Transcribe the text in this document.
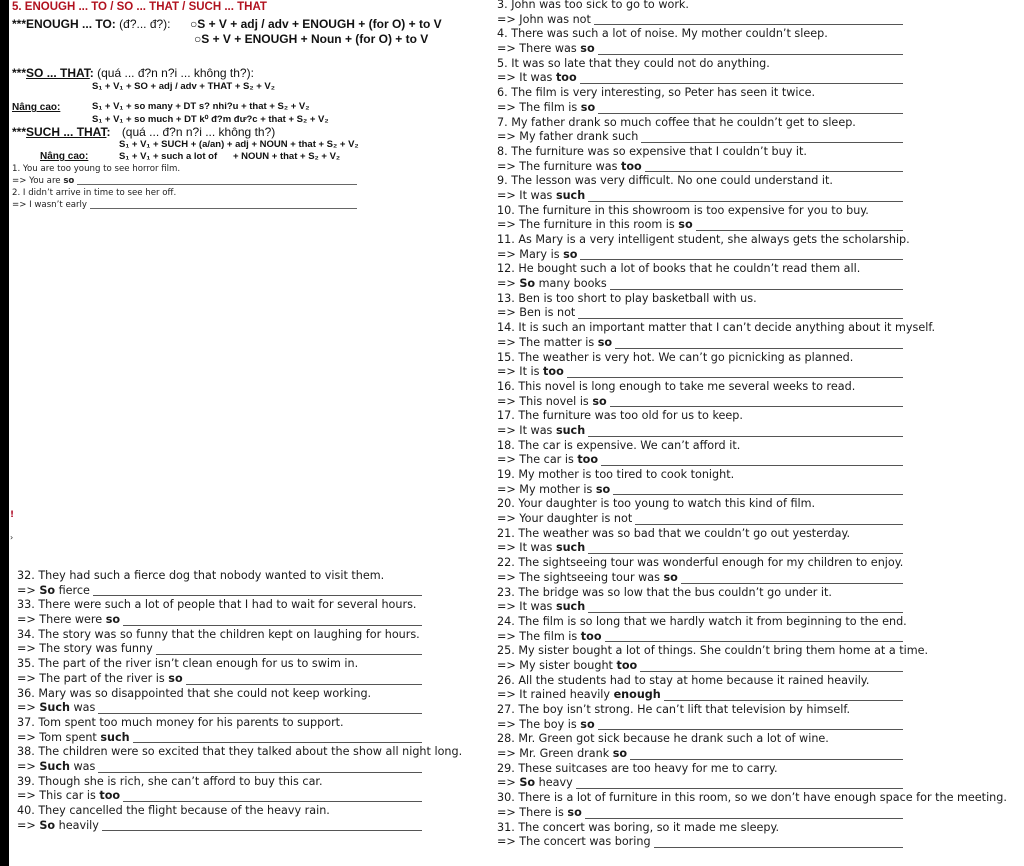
!
›
5. ENOUGH ... TO / SO ... THAT / SUCH ... THAT
***ENOUGH ... TO: (đ?... đ?): ○S + V + adj / adv + ENOUGH + (for O) + to V
○S + V + ENOUGH + Noun + (for O) + to V
***SO ... THAT: (quá ... đ?n n?i ... không th?):
S₁ + V₁ + SO + adj / adv + THAT + S₂ + V₂
Nâng cao:	S₁ + V₁ + so many + DT s? nhi?u + that + S₂ + V₂
S₁ + V₁ + so much + DT k⁰ đ?m đư?c + that + S₂ + V₂
***SUCH ... THAT: (quá ... đ?n n?i ... không th?)
S₁ + V₁ + SUCH + (a/an) + adj + NOUN + that + S₂ + V₂
Nâng cao:	S₁ + V₁ + such a lot of      + NOUN + that + S₂ + V₂
1. You are too young to see horror film.
=> You are so
2. I didn’t arrive in time to see her off.
=> I wasn’t early
3. John was too sick to go to work.
=> John was not
4. There was such a lot of noise. My mother couldn’t sleep.
=> There was so
5. It was so late that they could not do anything.
=> It was too
6. The film is very interesting, so Peter has seen it twice.
=> The film is so
7. My father drank so much coffee that he couldn’t get to sleep.
=> My father drank such
8. The furniture was so expensive that I couldn’t buy it.
=> The furniture was too
9. The lesson was very difficult. No one could understand it.
=> It was such
10. The furniture in this showroom is too expensive for you to buy.
=> The furniture in this room is so
11. As Mary is a very intelligent student, she always gets the scholarship.
=> Mary is so
12. He bought such a lot of books that he couldn’t read them all.
=> So many books
13. Ben is too short to play basketball with us.
=> Ben is not
14. It is such an important matter that I can’t decide anything about it myself.
=> The matter is so
15. The weather is very hot. We can’t go picnicking as planned.
=> It is too
16. This novel is long enough to take me several weeks to read.
=> This novel is so
17. The furniture was too old for us to keep.
=> It was such
18. The car is expensive. We can’t afford it.
=> The car is too
19. My mother is too tired to cook tonight.
=> My mother is so
20. Your daughter is too young to watch this kind of film.
=> Your daughter is not
21. The weather was so bad that we couldn’t go out yesterday.
=> It was such
22. The sightseeing tour was wonderful enough for my children to enjoy.
=> The sightseeing tour was so
23. The bridge was so low that the bus couldn’t go under it.
=> It was such
24. The film is so long that we hardly watch it from beginning to the end.
=> The film is too
25. My sister bought a lot of things. She couldn’t bring them home at a time.
=> My sister bought too
26. All the students had to stay at home because it rained heavily.
=> It rained heavily enough
27. The boy isn’t strong. He can’t lift that television by himself.
=> The boy is so
28. Mr. Green got sick because he drank such a lot of wine.
=> Mr. Green drank so
29. These suitcases are too heavy for me to carry.
=> So heavy
30. There is a lot of furniture in this room, so we don’t have enough space for the meeting.
=> There is so
31. The concert was boring, so it made me sleepy.
=> The concert was boring
32. They had such a fierce dog that nobody wanted to visit them.
=> So fierce
33. There were such a lot of people that I had to wait for several hours.
=> There were so
34. The story was so funny that the children kept on laughing for hours.
=> The story was funny
35. The part of the river isn’t clean enough for us to swim in.
=> The part of the river is so
36. Mary was so disappointed that she could not keep working.
=> Such was
37. Tom spent too much money for his parents to support.
=> Tom spent such
38. The children were so excited that they talked about the show all night long.
=> Such was
39. Though she is rich, she can’t afford to buy this car.
=> This car is too
40. They cancelled the flight because of the heavy rain.
=> So heavily
